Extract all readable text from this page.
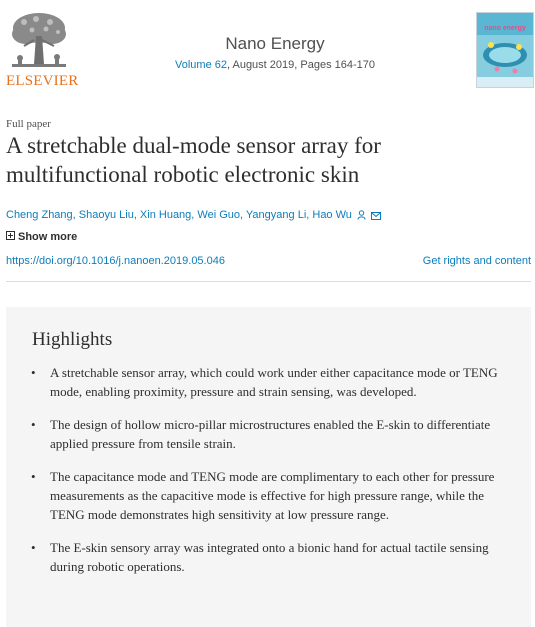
ELSEVIER
Nano Energy
Volume 62, August 2019, Pages 164-170
nano energy
Full paper
A stretchable dual-mode sensor array for multifunctional robotic electronic skin
Cheng Zhang, Shaoyu Liu, Xin Huang, Wei Guo, Yangyang Li, Hao Wu
Show more
https://doi.org/10.1016/j.nanoen.2019.05.046	Get rights and content
Highlights
• A stretchable sensor array, which could work under either capacitance mode or TENG mode, enabling proximity, pressure and strain sensing, was developed.
• The design of hollow micro-pillar microstructures enabled the E-skin to differentiate applied pressure from tensile strain.
• The capacitance mode and TENG mode are complimentary to each other for pressure measurements as the capacitive mode is effective for high pressure range, while the TENG mode demonstrates high sensitivity at low pressure range.
• The E-skin sensory array was integrated onto a bionic hand for actual tactile sensing during robotic operations.
